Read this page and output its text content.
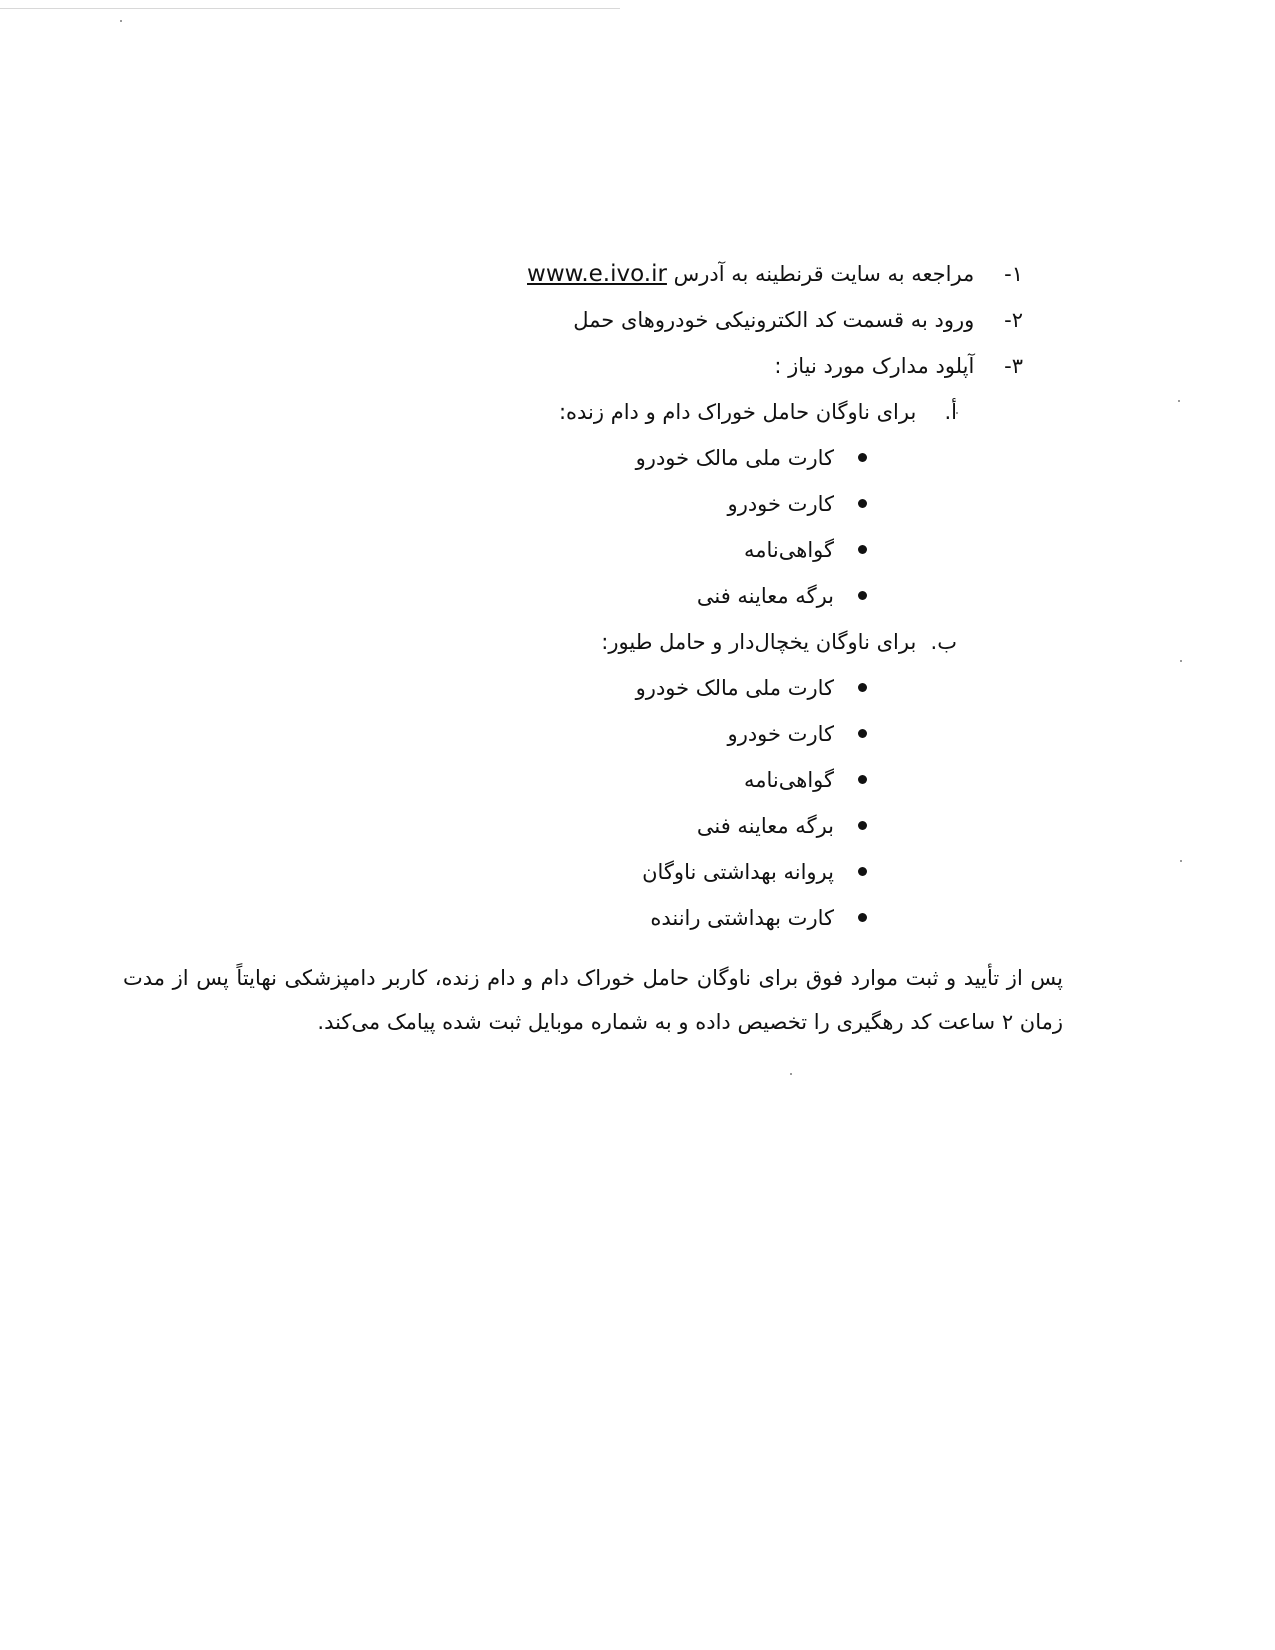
۱- مراجعه به سایت قرنطینه به آدرس www.e.ivo.ir
۲- ورود به قسمت کد الکترونیکی خودروهای حمل
۳- آپلود مدارک مورد نیاز :
أ. برای ناوگان حامل خوراک دام و دام زنده:
کارت ملی مالک خودرو
کارت خودرو
گواهی‌نامه
برگه معاینه فنی
ب. برای ناوگان یخچال‌دار و حامل طیور:
کارت ملی مالک خودرو
کارت خودرو
گواهی‌نامه
برگه معاینه فنی
پروانه بهداشتی ناوگان
کارت بهداشتی راننده
پس از تأیید و ثبت موارد فوق برای ناوگان حامل خوراک دام و دام زنده، کاربر دامپزشکی نهایتاً پس از مدت زمان ۲ ساعت کد رهگیری را تخصیص داده و به شماره موبایل ثبت شده پیامک می‌کند.
